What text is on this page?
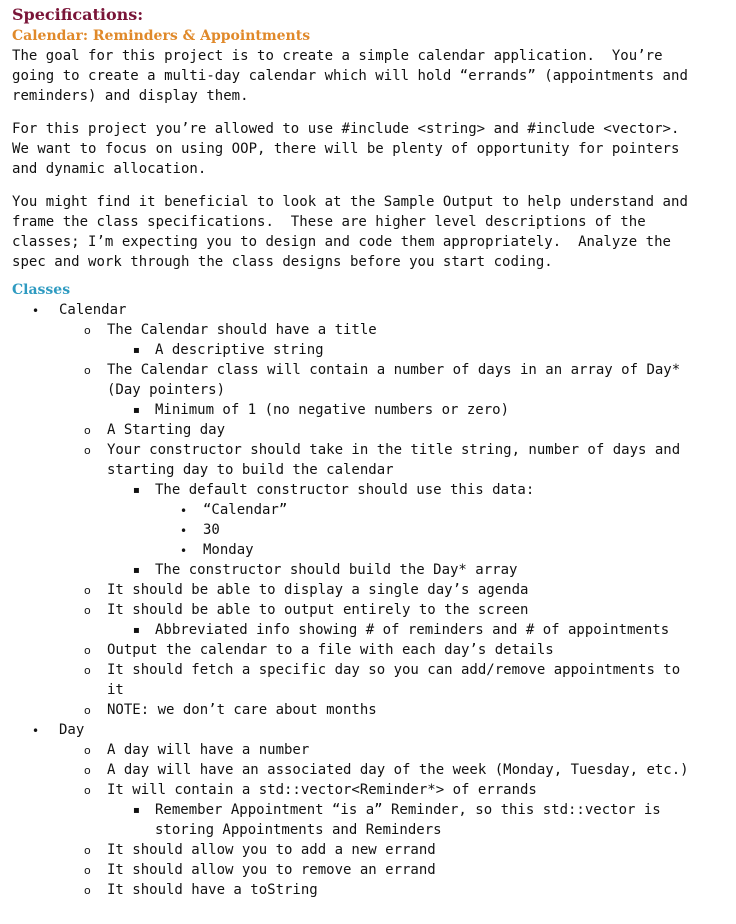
Specifications:
Calendar: Reminders & Appointments
The goal for this project is to create a simple calendar application.  You’re
going to create a multi-day calendar which will hold “errands” (appointments and
reminders) and display them.
For this project you’re allowed to use #include <string> and #include <vector>.
We want to focus on using OOP, there will be plenty of opportunity for pointers
and dynamic allocation.
You might find it beneficial to look at the Sample Output to help understand and
frame the class specifications.  These are higher level descriptions of the
classes; I’m expecting you to design and code them appropriately.  Analyze the
spec and work through the class designs before you start coding.
Classes
• Calendar
o The Calendar should have a title
▪ A descriptive string
o The Calendar class will contain a number of days in an array of Day*
(Day pointers)
▪ Minimum of 1 (no negative numbers or zero)
o A Starting day
o Your constructor should take in the title string, number of days and
starting day to build the calendar
▪ The default constructor should use this data:
• “Calendar”
• 30
• Monday
▪ The constructor should build the Day* array
o It should be able to display a single day’s agenda
o It should be able to output entirely to the screen
▪ Abbreviated info showing # of reminders and # of appointments
o Output the calendar to a file with each day’s details
o It should fetch a specific day so you can add/remove appointments to
it
o NOTE: we don’t care about months
• Day
o A day will have a number
o A day will have an associated day of the week (Monday, Tuesday, etc.)
o It will contain a std::vector<Reminder*> of errands
▪ Remember Appointment “is a” Reminder, so this std::vector is
storing Appointments and Reminders
o It should allow you to add a new errand
o It should allow you to remove an errand
o It should have a toString
